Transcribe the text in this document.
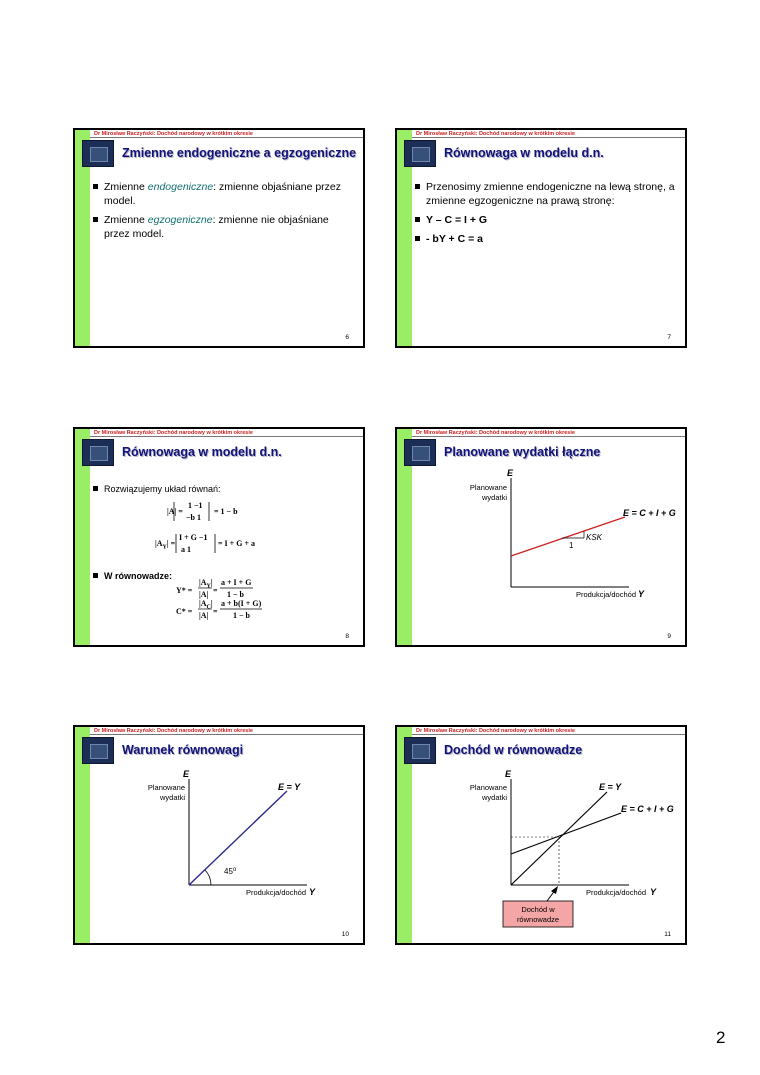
Dr Mirosław Raczyński: Dochód narodowy w krótkim okresie
Zmienne endogeniczne a egzogeniczne
Zmienne endogeniczne: zmienne objaśniane przez model.
Zmienne egzogeniczne: zmienne nie objaśniane przez model.
6
Dr Mirosław Raczyński: Dochód narodowy w krótkim okresie
Równowaga w modelu d.n.
Przenosimy zmienne endogeniczne na lewą stronę, a zmienne egzogeniczne na prawą stronę:
Y – C = I + G
- bY + C = a
7
Dr Mirosław Raczyński: Dochód narodowy w krótkim okresie
Równowaga w modelu d.n.
Rozwiązujemy układ równań:
|A| =
1 −1
−b 1
= 1 − b
$|A_Y|$ =
I + G −1
a 1
= I + G + a
W równowadze:
Y* =
$|A_Y|$
|A| =
a + I + G
1 − b
C* =
$|A_C|$
|A| =
a + b(I + G)
1 − b
8
Dr Mirosław Raczyński: Dochód narodowy w krótkim okresie
Planowane wydatki łączne
E
Planowane
wydatki
Produkcja/dochód Y
E = C + I + G
KSK
1
9
Dr Mirosław Raczyński: Dochód narodowy w krótkim okresie
Warunek równowagi
E
Planowane
wydatki
Produkcja/dochód Y
E = Y
45$^o$
10
Dr Mirosław Raczyński: Dochód narodowy w krótkim okresie
Dochód w równowadze
E
Planowane
wydatki
Produkcja/dochód Y
E = Y
E = C + I + G
Dochód w
równowadze
11
2
